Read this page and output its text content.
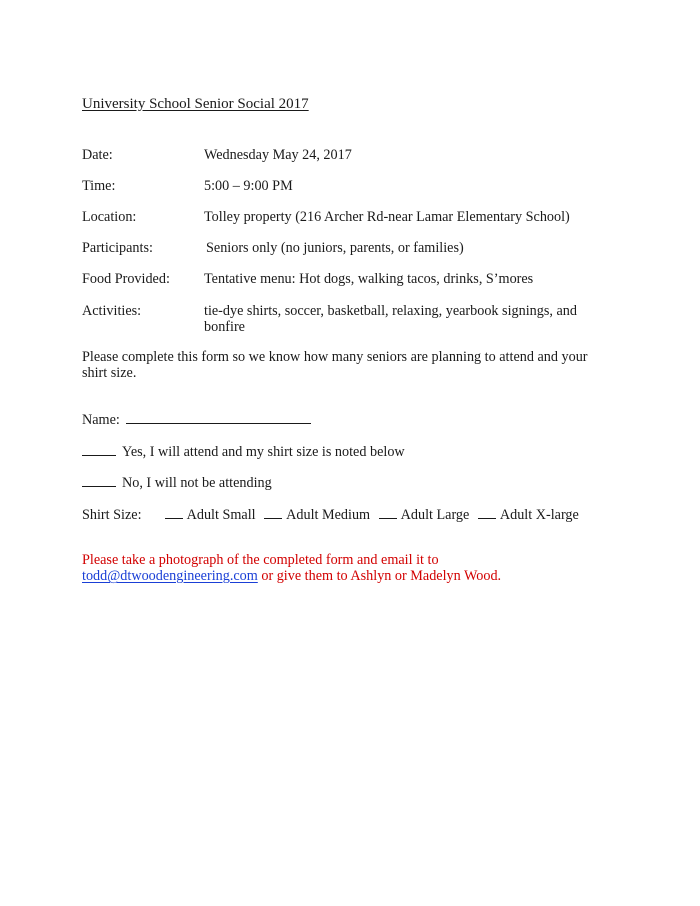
University School Senior Social 2017
Date:	Wednesday May 24, 2017
Time:	5:00 – 9:00 PM
Location:	Tolley property (216 Archer Rd-near Lamar Elementary School)
Participants:	Seniors only (no juniors, parents, or families)
Food Provided: Tentative menu: Hot dogs, walking tacos, drinks, S’mores
Activities:	tie-dye shirts, soccer, basketball, relaxing, yearbook signings, and bonfire
Please complete this form so we know how many seniors are planning to attend and your shirt size.
Name:
Yes, I will attend and my shirt size is noted below
No, I will not be attending
Shirt Size:	Adult Small Adult Medium Adult Large Adult X-large
Please take a photograph of the completed form and email it to todd@dtwoodengineering.com or give them to Ashlyn or Madelyn Wood.
